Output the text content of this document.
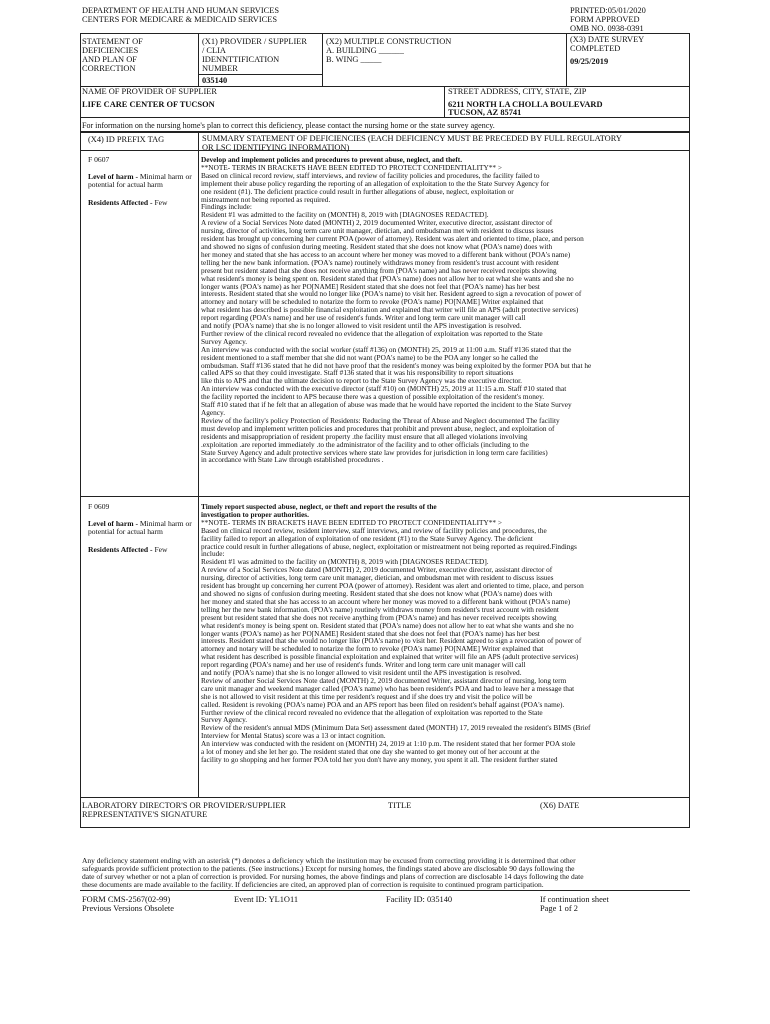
DEPARTMENT OF HEALTH AND HUMAN SERVICES
CENTERS FOR MEDICARE & MEDICAID SERVICES
PRINTED:05/01/2020
FORM APPROVED
OMB NO. 0938-0391
STATEMENT OF
DEFICIENCIES
AND PLAN OF
CORRECTION
(X1) PROVIDER / SUPPLIER
/ CLIA
IDENNTTIFICATION
NUMBER
035140
(X2) MULTIPLE CONSTRUCTION
A. BUILDING ______
B. WING _____
(X3) DATE SURVEY
COMPLETED
09/25/2019
NAME OF PROVIDER OF SUPPLIER
LIFE CARE CENTER OF TUCSON
STREET ADDRESS, CITY, STATE, ZIP
6211 NORTH LA CHOLLA BOULEVARD
TUCSON, AZ 85741
For information on the nursing home's plan to correct this deficiency, please contact the nursing home or the state survey agency.
(X4) ID PREFIX TAG	SUMMARY STATEMENT OF DEFICIENCIES (EACH DEFICIENCY MUST BE PRECEDED BY FULL REGULATORY
OR LSC IDENTIFYING INFORMATION)
F 0607
Level of harm - Minimal harm or potential for actual harm
Residents Affected - Few

Develop and implement policies and procedures to prevent abuse, neglect, and theft.

**NOTE- TERMS IN BRACKETS HAVE BEEN EDITED TO PROTECT CONFIDENTIALITY** >

Based on clinical record review, staff interviews, and review of facility policies and procedures, the facility failed to

implement their abuse policy regarding the reporting of an allegation of exploitation to the the State Survey Agency for

one resident (#1). The deficient practice could result in further allegations of abuse, neglect, exploitation or

mistreatment not being reported as required.

Findings include:

Resident #1 was admitted to the facility on (MONTH) 8, 2019 with [DIAGNOSES REDACTED].

A review of a Social Services Note dated (MONTH) 2, 2019 documented Writer, executive director, assistant director of

nursing, director of activities, long term care unit manager, dietician, and ombudsman met with resident to discuss issues

resident has brought up concerning her current POA (power of attorney). Resident was alert and oriented to time, place, and person

and showed no signs of confusion during meeting. Resident stated that she does not know what (POA's name) does with

her money and stated that she has access to an account where her money was moved to a different bank without (POA's name)

telling her the new bank information. (POA's name) routinely withdraws money from resident's trust account with resident

present but resident stated that she does not receive anything from (POA's name) and has never received receipts showing

what resident's money is being spent on. Resident stated that (POA's name) does not allow her to eat what she wants and she no

longer wants (POA's name) as her PO[NAME] Resident stated that she does not feel that (POA's name) has her best

interests. Resident stated that she would no longer like (POA's name) to visit her. Resident agreed to sign a revocation of power of

attorney and notary will be scheduled to notarize the form to revoke (POA's name) PO[NAME] Writer explained that

what resident has described is possible financial exploitation and explained that writer will file an APS (adult protective services)

report regarding (POA's name) and her use of resident's funds. Writer and long term care unit manager will call

and notify (POA's name) that she is no longer allowed to visit resident until the APS investigation is resolved.

Further review of the clinical record revealed no evidence that the allegation of exploitation was reported to the State

Survey Agency.

An interview was conducted with the social worker (staff #136) on (MONTH) 25, 2019 at 11:00 a.m. Staff #136 stated that the

resident mentioned to a staff member that she did not want (POA's name) to be the POA any longer so he called the

ombudsman. Staff #136 stated that he did not have proof that the resident's money was being exploited by the former POA but that he

called APS so that they could investigate. Staff #136 stated that it was his responsibility to report situations

like this to APS and that the ultimate decision to report to the State Survey Agency was the executive director.

An interview was conducted with the executive director (staff #10) on (MONTH) 25, 2019 at 11:15 a.m. Staff #10 stated that

the facility reported the incident to APS because there was a question of possible exploitation of the resident's money.

Staff #10 stated that if he felt that an allegation of abuse was made that he would have reported the incident to the State Survey

Agency.

Review of the facility's policy Protection of Residents: Reducing the Threat of Abuse and Neglect documented The facility

must develop and implement written policies and procedures that prohibit and prevent abuse, neglect, and exploitation of

residents and misappropriation of resident property .the facility must ensure that all alleged violations involving

.exploitation .are reported immediately .to the administrator of the facility and to other officials (including to the

State Survey Agency and adult protective services where state law provides for jurisdiction in long term care facilities)

in accordance with State Law through established procedures .

F 0609
Level of harm - Minimal harm or potential for actual harm
Residents Affected - Few

Timely report suspected abuse, neglect, or theft and report the results of the

investigation to proper authorities.

**NOTE- TERMS IN BRACKETS HAVE BEEN EDITED TO PROTECT CONFIDENTIALITY** >

Based on clinical record review, resident interview, staff interviews, and review of facility policies and procedures, the

facility failed to report an allegation of exploitation of one resident (#1) to the State Survey Agency. The deficient

practice could result in further allegations of abuse, neglect, exploitation or mistreatment not being reported as required.Findings

include:

Resident #1 was admitted to the facility on (MONTH) 8, 2019 with [DIAGNOSES REDACTED].

A review of a Social Services Note dated (MONTH) 2, 2019 documented Writer, executive director, assistant director of

nursing, director of activities, long term care unit manager, dietician, and ombudsman met with resident to discuss issues

resident has brought up concerning her current POA (power of attorney). Resident was alert and oriented to time, place, and person

and showed no signs of confusion during meeting. Resident stated that she does not know what (POA's name) does with

her money and stated that she has access to an account where her money was moved to a different bank without (POA's name)

telling her the new bank information. (POA's name) routinely withdraws money from resident's trust account with resident

present but resident stated that she does not receive anything from (POA's name) and has never received receipts showing

what resident's money is being spent on. Resident stated that (POA's name) does not allow her to eat what she wants and she no

longer wants (POA's name) as her PO[NAME] Resident stated that she does not feel that (POA's name) has her best

interests. Resident stated that she would no longer like (POA's name) to visit her. Resident agreed to sign a revocation of power of

attorney and notary will be scheduled to notarize the form to revoke (POA's name) PO[NAME] Writer explained that

what resident has described is possible financial exploitation and explained that writer will file an APS (adult protective services)

report regarding (POA's name) and her use of resident's funds. Writer and long term care unit manager will call

and notify (POA's name) that she is no longer allowed to visit resident until the APS investigation is resolved.

Review of another Social Services Note dated (MONTH) 2, 2019 documented Writer, assistant director of nursing, long term

care unit manager and weekend manager called (POA's name) who has been resident's POA and had to leave her a message that

she is not allowed to visit resident at this time per resident's request and if she does try and visit the police will be

called. Resident is revoking (POA's name) POA and an APS report has been filed on resident's behalf against (POA's name).

Further review of the clinical record revealed no evidence that the allegation of exploitation was reported to the State

Survey Agency.

Review of the resident's annual MDS (Minimum Data Set) assessment dated (MONTH) 17, 2019 revealed the resident's BIMS (Brief

Interview for Mental Status) score was a 13 or intact cognition.

An interview was conducted with the resident on (MONTH) 24, 2019 at 1:10 p.m. The resident stated that her former POA stole

a lot of money and she let her go. The resident stated that one day she wanted to get money out of her account at the

facility to go shopping and her former POA told her you don't have any money, you spent it all. The resident further stated

LABORATORY DIRECTOR'S OR PROVIDER/SUPPLIER
REPRESENTATIVE'S SIGNATURE
TITLE	(X6) DATE
Any deficiency statement ending with an asterisk (*) denotes a deficiency which the institution may be excused from correcting providing it is determined that other
safeguards provide sufficient protection to the patients. (See instructions.) Except for nursing homes, the findings stated above are disclosable 90 days following the
date of survey whether or not a plan of correction is provided. For nursing homes, the above findings and plans of correction are disclosable 14 days following the date
these documents are made available to the facility. If deficiencies are cited, an approved plan of correction is requisite to continued program participation.
FORM CMS-2567(02-99)
Previous Versions Obsolete
Event ID: YL1O11	Facility ID: 035140	If continuation sheet
Page 1 of 2
